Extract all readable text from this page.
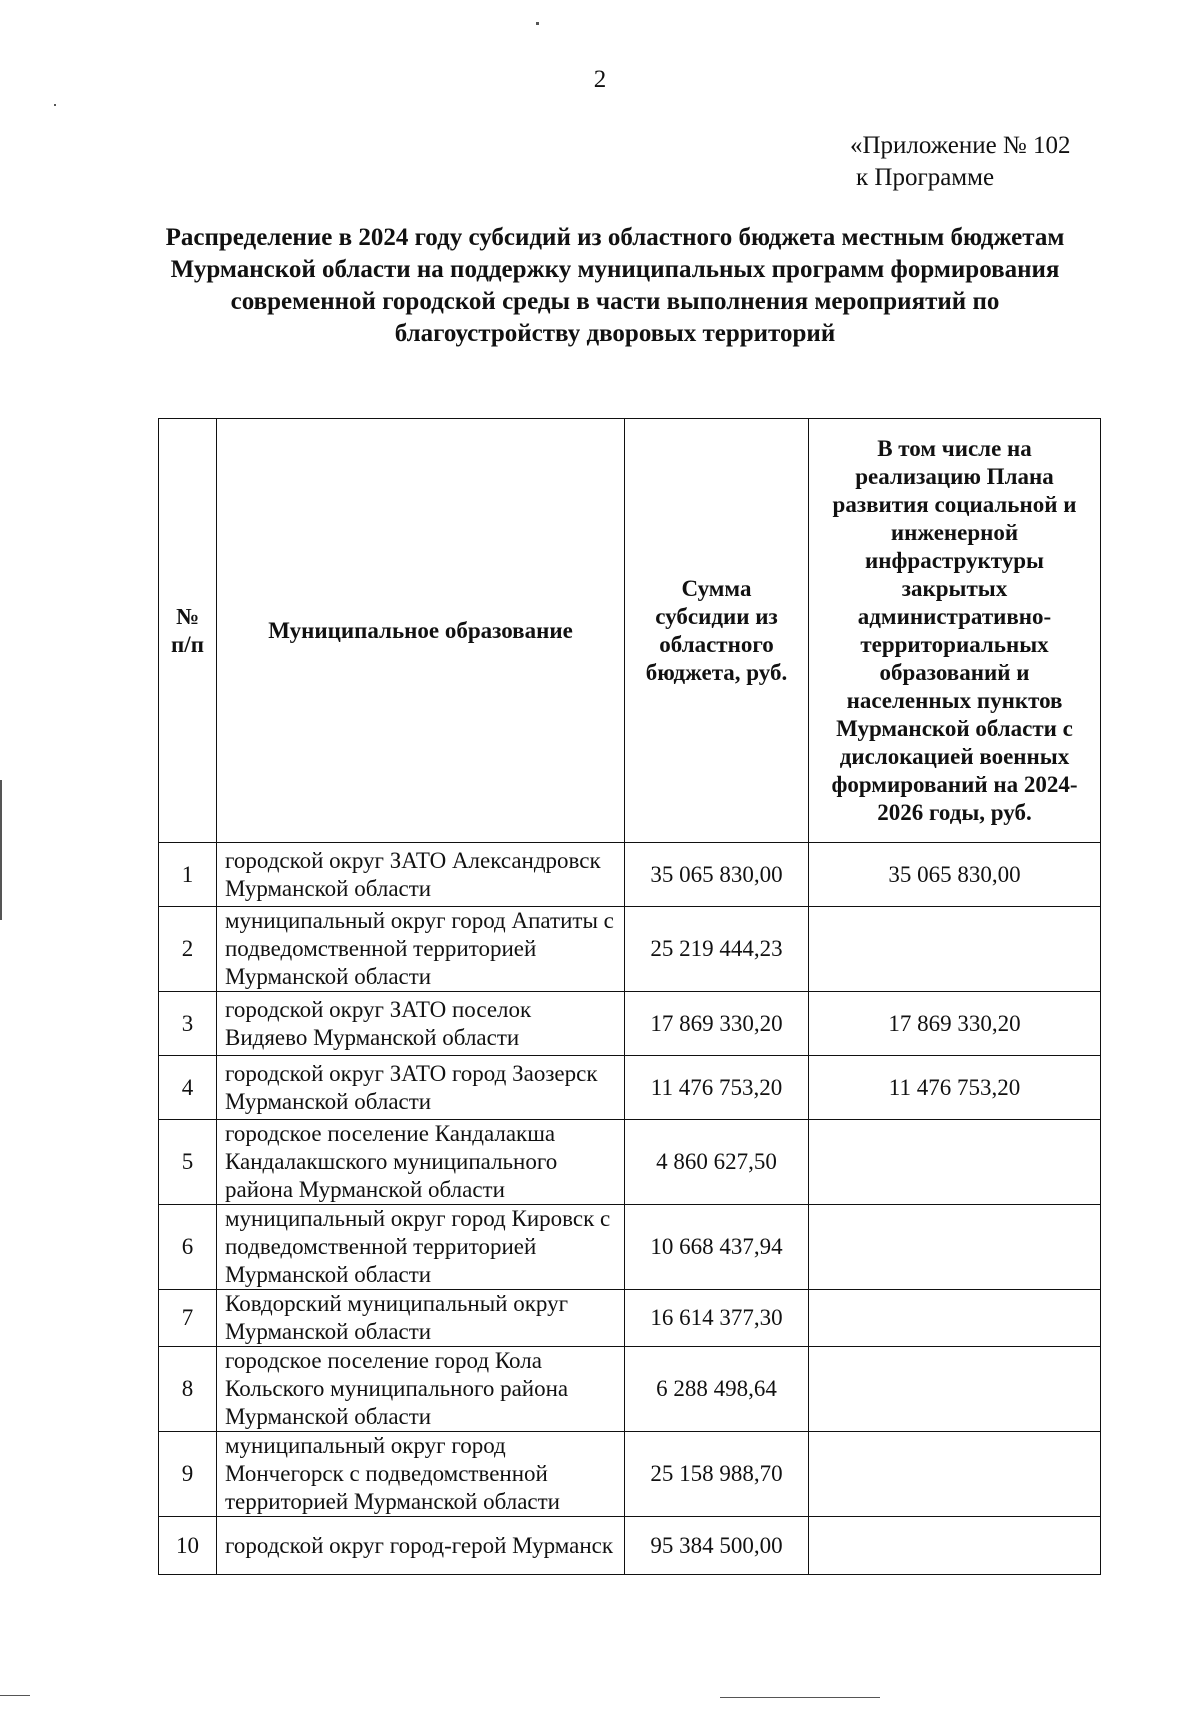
2
«Приложение № 102
к Программе
Распределение в 2024 году субсидий из областного бюджета местным бюджетам Мурманской области на поддержку муниципальных программ формирования современной городской среды в части выполнения мероприятий по благоустройству дворовых территорий
№ п/п	Муниципальное образование	Сумма субсидии из областного бюджета, руб.	В том числе на реализацию Плана развития социальной и инженерной инфраструктуры закрытых административно-территориальных образований и населенных пунктов Мурманской области с дислокацией военных формирований на 2024-2026 годы, руб.
1	городской округ ЗАТО Александровск Мурманской области	35 065 830,00	35 065 830,00
2	муниципальный округ город Апатиты с подведомственной территорией Мурманской области	25 219 444,23	
3	городской округ ЗАТО поселок Видяево Мурманской области	17 869 330,20	17 869 330,20
4	городской округ ЗАТО город Заозерск Мурманской области	11 476 753,20	11 476 753,20
5	городское поселение Кандалакша Кандалакшского муниципального района Мурманской области	4 860 627,50	
6	муниципальный округ город Кировск с подведомственной территорией Мурманской области	10 668 437,94	
7	Ковдорский муниципальный округ Мурманской области	16 614 377,30	
8	городское поселение город Кола Кольского муниципального района Мурманской области	6 288 498,64	
9	муниципальный округ город Мончегорск с подведомственной территорией Мурманской области	25 158 988,70	
10	городской округ город-герой Мурманск	95 384 500,00	
